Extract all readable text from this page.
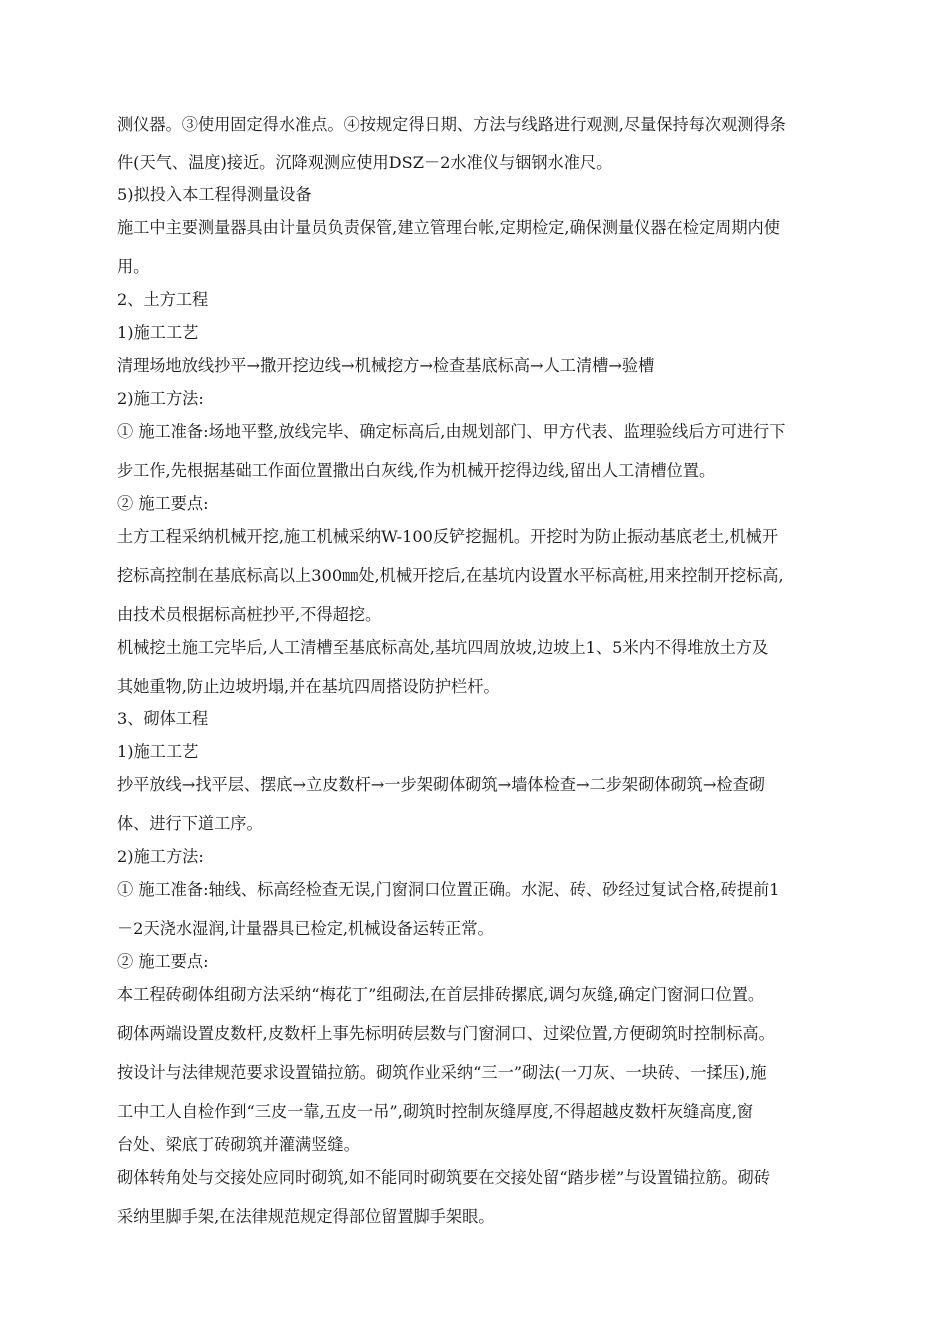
测仪器。③使用固定得水准点。④按规定得日期、方法与线路进行观测,尽量保持每次观测得条
件(天气、温度)接近。沉降观测应使用DSZ－2水准仪与铟钢水准尺。
5)拟投入本工程得测量设备
施工中主要测量器具由计量员负责保管,建立管理台帐,定期检定,确保测量仪器在检定周期内使
用。
2、土方工程
1)施工工艺
清理场地放线抄平→撒开挖边线→机械挖方→检查基底标高→人工清槽→验槽
2)施工方法:
① 施工准备:场地平整,放线完毕、确定标高后,由规划部门、甲方代表、监理验线后方可进行下
步工作,先根据基础工作面位置撒出白灰线,作为机械开挖得边线,留出人工清槽位置。
② 施工要点:
土方工程采纳机械开挖,施工机械采纳W-100反铲挖掘机。开挖时为防止振动基底老土,机械开
挖标高控制在基底标高以上300㎜处,机械开挖后,在基坑内设置水平标高桩,用来控制开挖标高,
由技术员根据标高桩抄平,不得超挖。
机械挖土施工完毕后,人工清槽至基底标高处,基坑四周放坡,边坡上1、5米内不得堆放土方及
其她重物,防止边坡坍塌,并在基坑四周搭设防护栏杆。
3、砌体工程
1)施工工艺
抄平放线→找平层、摆底→立皮数杆→一步架砌体砌筑→墙体检查→二步架砌体砌筑→检查砌
体、进行下道工序。
2)施工方法:
① 施工准备:轴线、标高经检查无误,门窗洞口位置正确。水泥、砖、砂经过复试合格,砖提前1
－2天浇水湿润,计量器具已检定,机械设备运转正常。
② 施工要点:
本工程砖砌体组砌方法采纳“梅花丁”组砌法,在首层排砖摞底,调匀灰缝,确定门窗洞口位置。
砌体两端设置皮数杆,皮数杆上事先标明砖层数与门窗洞口、过梁位置,方便砌筑时控制标高。
按设计与法律规范要求设置锚拉筋。砌筑作业采纳“三一”砌法(一刀灰、一块砖、一揉压),施
工中工人自检作到“三皮一靠,五皮一吊”,砌筑时控制灰缝厚度,不得超越皮数杆灰缝高度,窗
台处、梁底丁砖砌筑并灌满竖缝。
砌体转角处与交接处应同时砌筑,如不能同时砌筑要在交接处留“踏步槎”与设置锚拉筋。砌砖
采纳里脚手架,在法律规范规定得部位留置脚手架眼。
